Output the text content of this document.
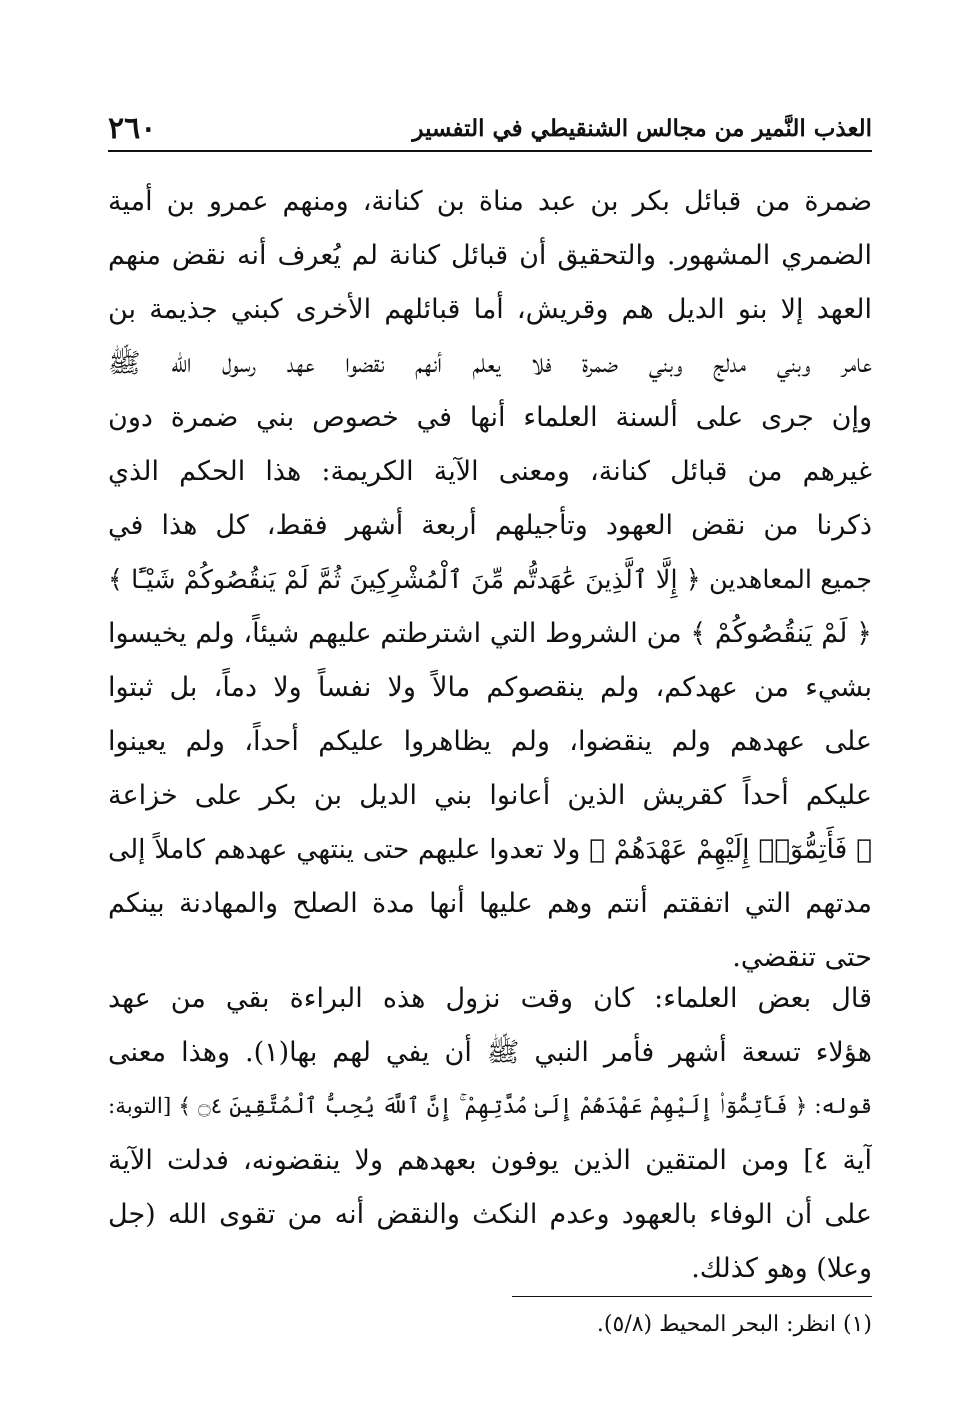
العذب النَّمير من مجالس الشنقيطي في التفسير
٢٦٠
ضمرة من قبائل بكر بن عبد مناة بن كنانة، ومنهم عمرو بن أمية
الضمري المشهور. والتحقيق أن قبائل كنانة لم يُعرف أنه نقض منهم
العهد إلا بنو الديل هم وقريش، أما قبائلهم الأخرى كبني جذيمة بن
عامر وبني مدلج وبني ضمرة فلا يعلم أنهم نقضوا عهد رسول الله ﷺ
وإن جرى على ألسنة العلماء أنها في خصوص بني ضمرة دون
غيرهم من قبائل كنانة، ومعنى الآية الكريمة: هذا الحكم الذي
ذكرنا من نقض العهود وتأجيلهم أربعة أشهر فقط، كل هذا في
جميع المعاهدين ﴿ إِلَّا ٱلَّذِينَ عَٰهَدتُّم مِّنَ ٱلْمُشْرِكِينَ ثُمَّ لَمْ يَنقُصُوكُمْ شَيْـًٔا ﴾
﴿ لَمْ يَنقُصُوكُمْ ﴾ من الشروط التي اشترطتم عليهم شيئاً، ولم يخيسوا
بشيء من عهدكم، ولم ينقصوكم مالاً ولا نفساً ولا دماً، بل ثبتوا
على عهدهم ولم ينقضوا، ولم يظاهروا عليكم أحداً، ولم يعينوا
عليكم أحداً كقريش الذين أعانوا بني الديل بن بكر على خزاعة
﴿ فَأَتِمُّوٓا۟ إِلَيْهِمْ عَهْدَهُمْ ﴾ ولا تعدوا عليهم حتى ينتهي عهدهم كاملاً إلى
مدتهم التي اتفقتم أنتم وهم عليها أنها مدة الصلح والمهادنة بينكم
حتى تنقضي.
قال بعض العلماء: كان وقت نزول هذه البراءة بقي من عهد
هؤلاء تسعة أشهر فأمر النبي ﷺ أن يفي لهم بها(١). وهذا معنى
قوله: ﴿ فَأَتِمُّوٓا۟ إِلَيْهِمْ عَهْدَهُمْ إِلَىٰ مُدَّتِهِمْ ۚ إِنَّ ٱللَّهَ يُحِبُّ ٱلْمُتَّقِينَ ۝٤ ﴾ [التوبة:
آية ٤] ومن المتقين الذين يوفون بعهدهم ولا ينقضونه، فدلت الآية
على أن الوفاء بالعهود وعدم النكث والنقض أنه من تقوى الله (جل
وعلا) وهو كذلك.
(١) انظر: البحر المحيط (٥/٨).
